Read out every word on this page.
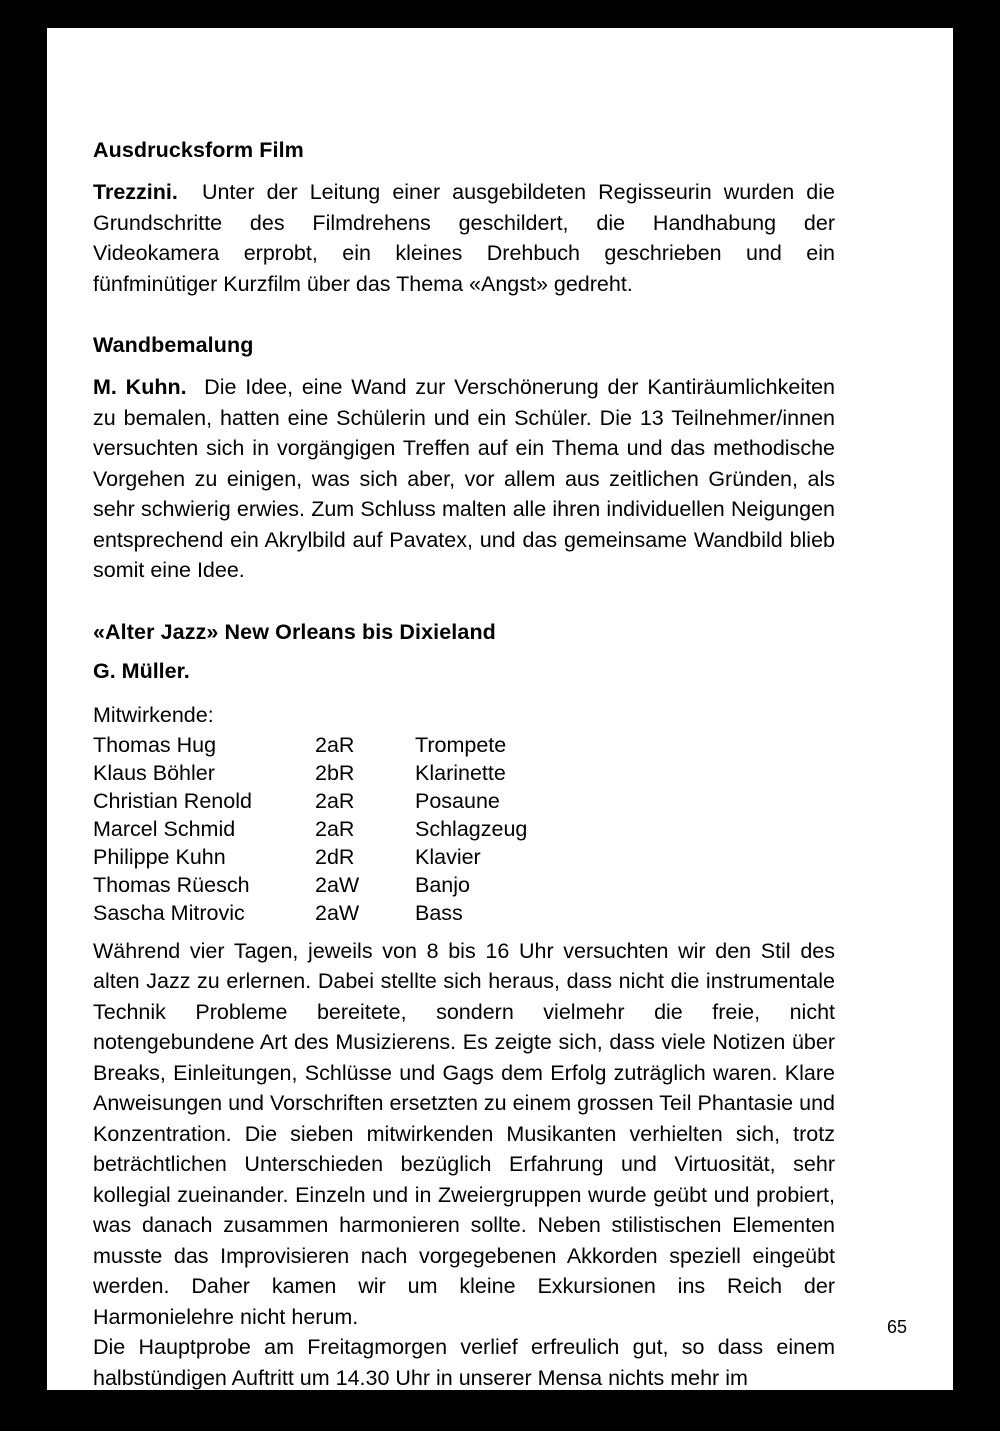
Ausdrucksform Film

Trezzini. Unter der Leitung einer ausgebildeten Regisseurin wurden die Grundschritte des Filmdrehens geschildert, die Handhabung der Videokamera erprobt, ein kleines Drehbuch geschrieben und ein fünfminütiger Kurzfilm über das Thema «Angst» gedreht.

Wandbemalung

M. Kuhn. Die Idee, eine Wand zur Verschönerung der Kantiräumlichkeiten zu bemalen, hatten eine Schülerin und ein Schüler. Die 13 Teilnehmer/innen versuchten sich in vorgängigen Treffen auf ein Thema und das methodische Vorgehen zu einigen, was sich aber, vor allem aus zeitlichen Gründen, als sehr schwierig erwies. Zum Schluss malten alle ihren individuellen Neigungen entsprechend ein Akrylbild auf Pavatex, und das gemeinsame Wandbild blieb somit eine Idee.

«Alter Jazz» New Orleans bis Dixieland
G. Müller.
Mitwirkende:
Thomas Hug	2aR	Trompete
Klaus Böhler	2bR	Klarinette
Christian Renold	2aR	Posaune
Marcel Schmid	2aR	Schlagzeug
Philippe Kuhn	2dR	Klavier
Thomas Rüesch	2aW	Banjo
Sascha Mitrovic	2aW	Bass

Während vier Tagen, jeweils von 8 bis 16 Uhr versuchten wir den Stil des alten Jazz zu erlernen. Dabei stellte sich heraus, dass nicht die instrumentale Technik Probleme bereitete, sondern vielmehr die freie, nicht notengebundene Art des Musizierens. Es zeigte sich, dass viele Notizen über Breaks, Einleitungen, Schlüsse und Gags dem Erfolg zuträglich waren. Klare Anweisungen und Vorschriften ersetzten zu einem grossen Teil Phantasie und Konzentration. Die sieben mitwirkenden Musikanten verhielten sich, trotz beträchtlichen Unterschieden bezüglich Erfahrung und Virtuosität, sehr kollegial zueinander. Einzeln und in Zweiergruppen wurde geübt und probiert, was danach zusammen harmonieren sollte. Neben stilistischen Elementen musste das Improvisieren nach vorgegebenen Akkorden speziell eingeübt werden. Daher kamen wir um kleine Exkursionen ins Reich der Harmonielehre nicht herum.

Die Hauptprobe am Freitagmorgen verlief erfreulich gut, so dass einem halbstündigen Auftritt um 14.30 Uhr in unserer Mensa nichts mehr im

65
